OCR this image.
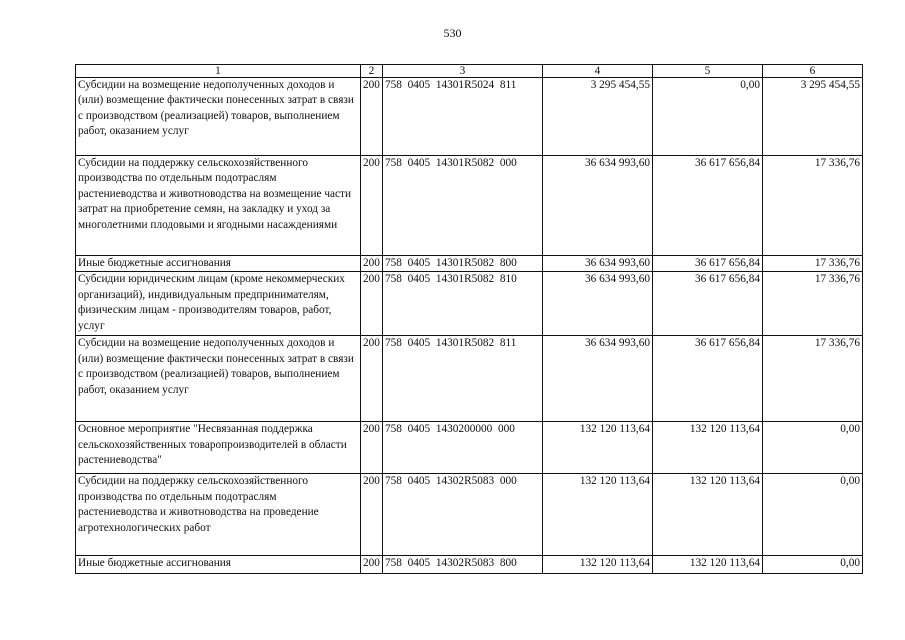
530
1	2	3	4	5	6
Субсидии на возмещение недополученных доходов и (или) возмещение фактически понесенных затрат в связи с производством (реализацией) товаров, выполнением работ, оказанием услуг	200	758  0405  14301R5024  811	3 295 454,55	0,00	3 295 454,55
Субсидии на поддержку сельскохозяйственного производства по отдельным подотраслям растениеводства и животноводства на возмещение части затрат на приобретение семян, на закладку и уход за многолетними плодовыми и ягодными насаждениями	200	758  0405  14301R5082  000	36 634 993,60	36 617 656,84	17 336,76
Иные бюджетные ассигнования	200	758  0405  14301R5082  800	36 634 993,60	36 617 656,84	17 336,76
Субсидии юридическим лицам (кроме некоммерческих организаций), индивидуальным предпринимателям, физическим лицам - производителям товаров, работ, услуг	200	758  0405  14301R5082  810	36 634 993,60	36 617 656,84	17 336,76
Субсидии на возмещение недополученных доходов и (или) возмещение фактически понесенных затрат в связи с производством (реализацией) товаров, выполнением работ, оказанием услуг	200	758  0405  14301R5082  811	36 634 993,60	36 617 656,84	17 336,76
Основное мероприятие "Несвязанная поддержка сельскохозяйственных товаропроизводителей в области растениеводства"	200	758  0405  1430200000  000	132 120 113,64	132 120 113,64	0,00
Субсидии на поддержку сельскохозяйственного производства по отдельным подотраслям растениеводства и животноводства на проведение агротехнологических работ	200	758  0405  14302R5083  000	132 120 113,64	132 120 113,64	0,00
Иные бюджетные ассигнования	200	758  0405  14302R5083  800	132 120 113,64	132 120 113,64	0,00
